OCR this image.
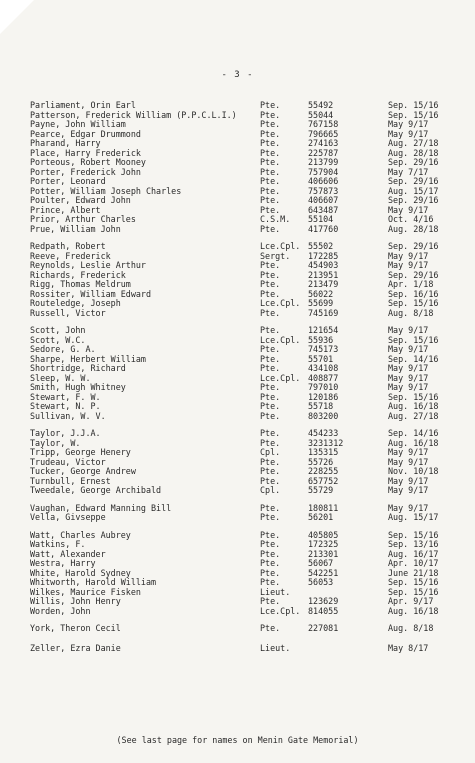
- 3 -
Parliament, Orin Earl	Pte.	55492	Sep. 15/16
Patterson, Frederick William (P.P.C.L.I.)	Pte.	55044	Sep. 15/16
Payne, John William	Pte.	767158	May 9/17
Pearce, Edgar Drummond	Pte.	796665	May 9/17
Pharand, Harry	Pte.	274163	Aug. 27/18
Place, Harry Frederick	Pte.	225787	Aug. 28/18
Porteous, Robert Mooney	Pte.	213799	Sep. 29/16
Porter, Frederick John	Pte.	757904	May 7/17
Porter, Leonard	Pte.	406606	Sep. 29/16
Potter, William Joseph Charles	Pte.	757873	Aug. 15/17
Poulter, Edward John	Pte.	406607	Sep. 29/16
Prince, Albert	Pte.	643487	May 9/17
Prior, Arthur Charles	C.S.M. 55104	Oct. 4/16
Prue, William John	Pte.	417760	Aug. 28/18
Redpath, Robert	Lce.Cpl. 55502	Sep. 29/16
Reeve, Frederick	Sergt. 172285	May 9/17
Reynolds, Leslie Arthur	Pte.	454903	May 9/17
Richards, Frederick	Pte.	213951	Sep. 29/16
Rigg, Thomas Meldrum	Pte.	213479	Apr. 1/18
Rossiter, William Edward	Pte.	56022	Sep. 16/16
Routeledge, Joseph	Lce.Cpl. 55699	Sep. 15/16
Russell, Victor	Pte.	745169	Aug. 8/18
Scott, John	Pte.	121654	May 9/17
Scott, W.C.	Lce.Cpl. 55936	Sep. 15/16
Sedore, G. A.	Pte.	745173	May 9/17
Sharpe, Herbert William	Pte.	55701	Sep. 14/16
Shortridge, Richard	Pte.	434108	May 9/17
Sleep, W. W.	Lce.Cpl. 408877	May 9/17
Smith, Hugh Whitney	Pte.	797010	May 9/17
Stewart, F. W.	Pte.	120186	Sep. 15/16
Stewart, N. P.	Pte.	55718	Aug. 16/18
Sullivan, W. V.	Pte.	803200	Aug. 27/18
Taylor, J.J.A.	Pte.	454233	Sep. 14/16
Taylor, W.	Pte.	3231312	Aug. 16/18
Tripp, George Henery	Cpl.	135315	May 9/17
Trudeau, Victor	Pte.	55726	May 9/17
Tucker, George Andrew	Pte.	228255	Nov. 10/18
Turnbull, Ernest	Pte.	657752	May 9/17
Tweedale, George Archibald	Cpl.	55729	May 9/17
Vaughan, Edward Manning Bill	Pte.	180811	May 9/17
Vella, Givseppe	Pte.	56201	Aug. 15/17
Watt, Charles Aubrey	Pte.	405805	Sep. 15/16
Watkins, F.	Pte.	172325	Sep. 13/16
Watt, Alexander	Pte.	213301	Aug. 16/17
Westra, Harry	Pte.	56067	Apr. 10/17
White, Harold Sydney	Pte.	542251	June 21/18
Whitworth, Harold William	Pte.	56053	Sep. 15/16
Wilkes, Maurice Fisken	Lieut.	Sep. 15/16
Willis, John Henry	Pte.	123629	Apr. 9/17
Worden, John	Lce.Cpl. 814055	Aug. 16/18
York, Theron Cecil	Pte.	227081	Aug. 8/18
Zeller, Ezra Danie	Lieut.	May 8/17
(See last page for names on Menin Gate Memorial)
